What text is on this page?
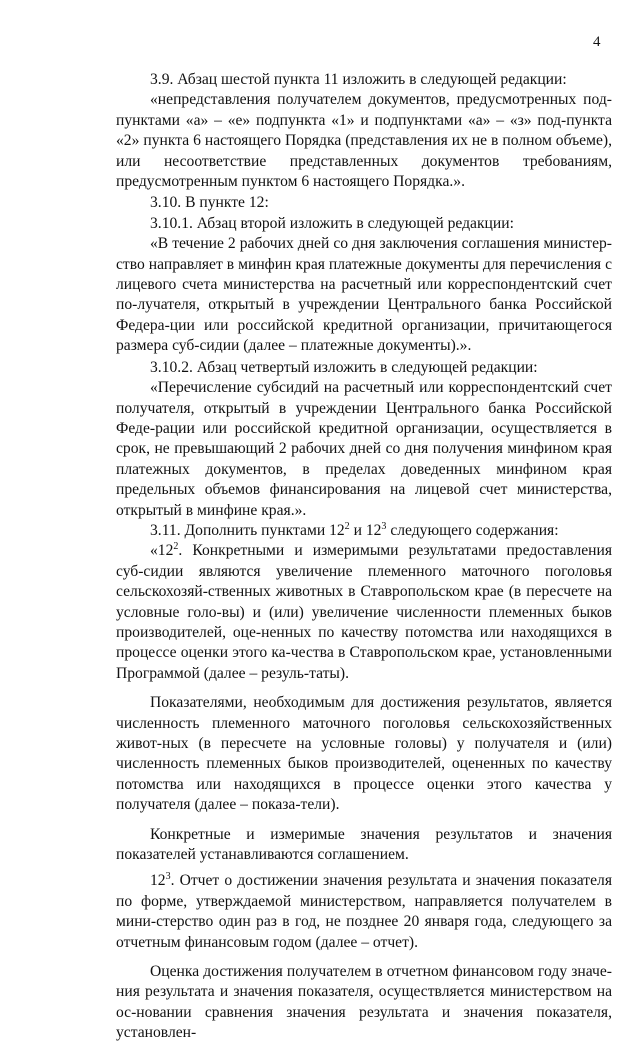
4

3.9. Абзац шестой пункта 11 изложить в следующей редакции:

«непредставления получателем документов, предусмотренных под-пунктами «а» – «е» подпункта «1» и подпунктами «а» – «з» под-пункта «2» пункта 6 настоящего Порядка (представления их не в полном объеме), или несоответствие представленных документов требованиям, предусмотренным пунктом 6 настоящего Порядка.».

3.10. В пункте 12:

3.10.1. Абзац второй изложить в следующей редакции:

«В течение 2 рабочих дней со дня заключения соглашения министер-ство направляет в минфин края платежные документы для перечисления с лицевого счета министерства на расчетный или корреспондентский счет по-лучателя, открытый в учреждении Центрального банка Российской Федера-ции или российской кредитной организации, причитающегося размера суб-сидии (далее – платежные документы).».

3.10.2. Абзац четвертый изложить в следующей редакции:

«Перечисление субсидий на расчетный или корреспондентский счет получателя, открытый в учреждении Центрального банка Российской Феде-рации или российской кредитной организации, осуществляется в срок, не превышающий 2 рабочих дней со дня получения минфином края платежных документов, в пределах доведенных минфином края предельных объемов финансирования на лицевой счет министерства, открытый в минфине края.».

3.11. Дополнить пунктами $12^2$ и $12^3$ следующего содержания:

«$12^2$. Конкретными и измеримыми результатами предоставления суб-сидии являются увеличение племенного маточного поголовья сельскохозяй-ственных животных в Ставропольском крае (в пересчете на условные голо-вы) и (или) увеличение численности племенных быков производителей, оце-ненных по качеству потомства или находящихся в процессе оценки этого ка-чества в Ставропольском крае, установленными Программой (далее – резуль-таты).

Показателями, необходимым для достижения результатов, является численность племенного маточного поголовья сельскохозяйственных живот-ных (в пересчете на условные головы) у получателя и (или) численность племенных быков производителей, оцененных по качеству потомства или находящихся в процессе оценки этого качества у получателя (далее – показа-тели).

Конкретные и измеримые значения результатов и значения показателей устанавливаются соглашением.

$12^3$. Отчет о достижении значения результата и значения показателя по форме, утверждаемой министерством, направляется получателем в мини-стерство один раз в год, не позднее 20 января года, следующего за отчетным финансовым годом (далее – отчет).

Оценка достижения получателем в отчетном финансовом году значе-ния результата и значения показателя, осуществляется министерством на ос-новании сравнения значения результата и значения показателя, установлен-
